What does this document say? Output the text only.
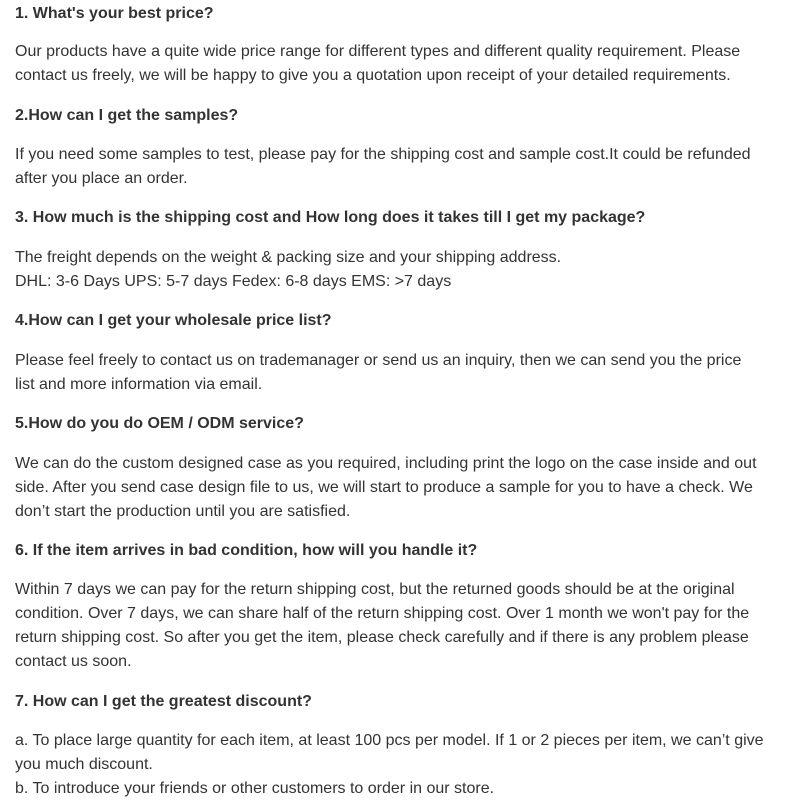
1. What's your best price?

Our products have a quite wide price range for different types and different quality requirement. Please
contact us freely, we will be happy to give you a quotation upon receipt of your detailed requirements.

2.How can I get the samples?

If you need some samples to test, please pay for the shipping cost and sample cost.It could be refunded
after you place an order.

3. How much is the shipping cost and How long does it takes till I get my package?

The freight depends on the weight & packing size and your shipping address.
DHL: 3-6 Days UPS: 5-7 days Fedex: 6-8 days EMS: >7 days

4.How can I get your wholesale price list?

Please feel freely to contact us on trademanager or send us an inquiry, then we can send you the price
list and more information via email.

5.How do you do OEM / ODM service?

We can do the custom designed case as you required, including print the logo on the case inside and out
side. After you send case design file to us, we will start to produce a sample for you to have a check. We
don’t start the production until you are satisfied.

6. If the item arrives in bad condition, how will you handle it?

Within 7 days we can pay for the return shipping cost, but the returned goods should be at the original
condition. Over 7 days, we can share half of the return shipping cost. Over 1 month we won't pay for the
return shipping cost. So after you get the item, please check carefully and if there is any problem please
contact us soon.

7. How can I get the greatest discount?

a. To place large quantity for each item, at least 100 pcs per model. If 1 or 2 pieces per item, we can’t give
you much discount.
b. To introduce your friends or other customers to order in our store.
